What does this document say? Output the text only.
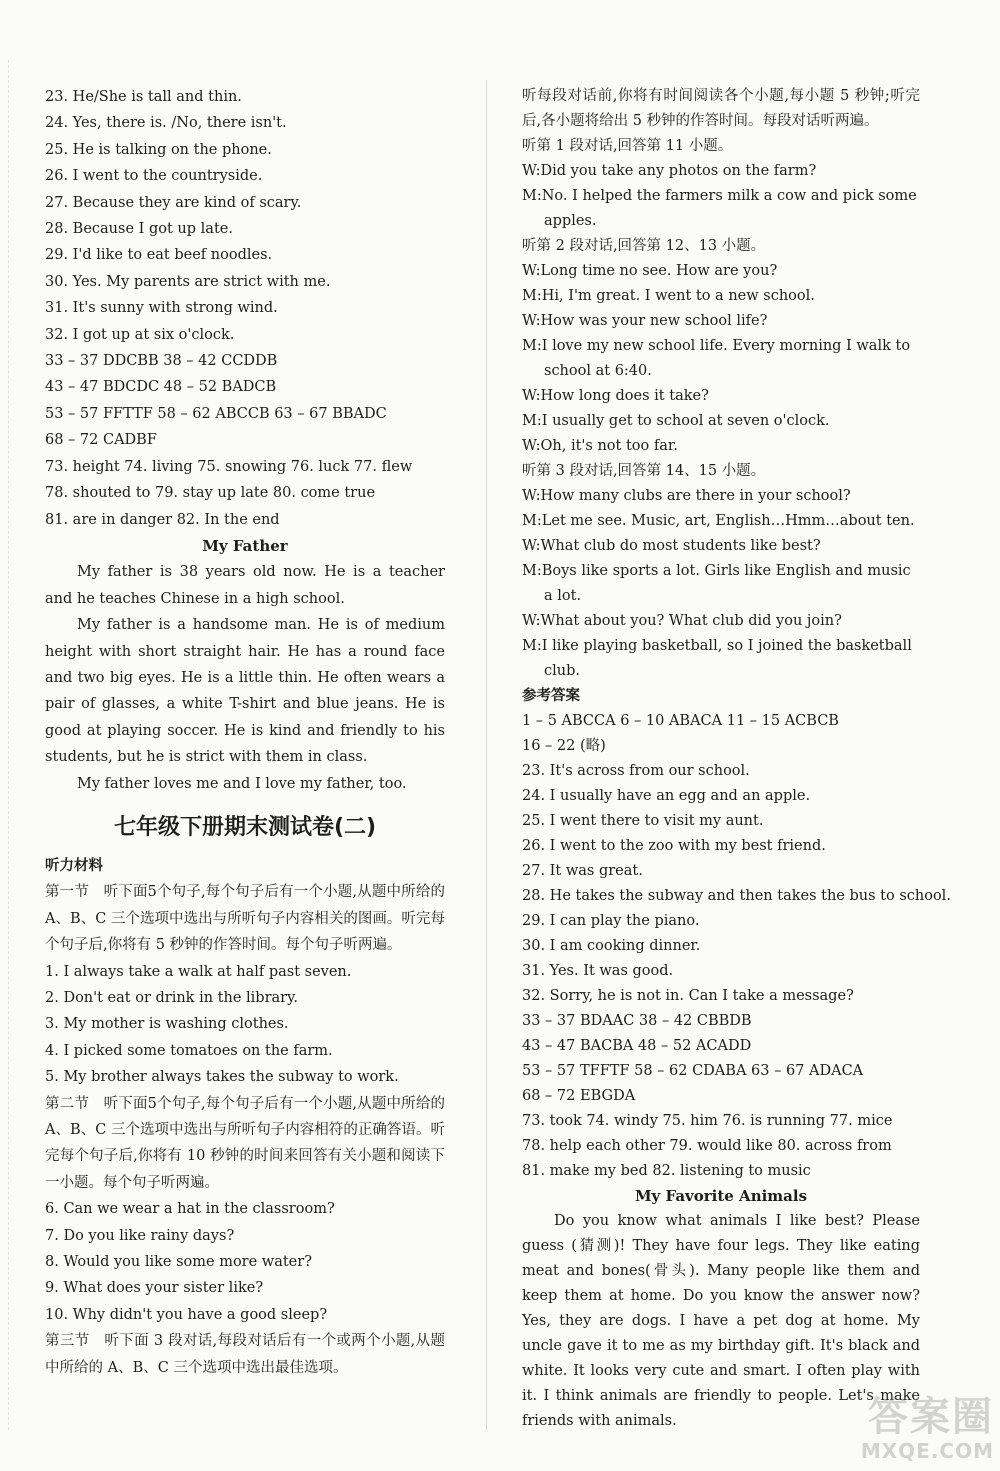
23. He/She is tall and thin.
24. Yes, there is. /No, there isn't.
25. He is talking on the phone.
26. I went to the countryside.
27. Because they are kind of scary.
28. Because I got up late.
29. I'd like to eat beef noodles.
30. Yes. My parents are strict with me.
31. It's sunny with strong wind.
32. I got up at six o'clock.
33 – 37 DDCBB 38 – 42 CCDDB
43 – 47 BDCDC 48 – 52 BADCB
53 – 57 FFTTF 58 – 62 ABCCB 63 – 67 BBADC
68 – 72 CADBF
73. height 74. living 75. snowing 76. luck 77. flew
78. shouted to 79. stay up late 80. come true
81. are in danger 82. In the end
My Father
My father is 38 years old now. He is a teacher and he teaches Chinese in a high school.
My father is a handsome man. He is of medium height with short straight hair. He has a round face and two big eyes. He is a little thin. He often wears a pair of glasses, a white T-shirt and blue jeans. He is good at playing soccer. He is kind and friendly to his students, but he is strict with them in class.
My father loves me and I love my father, too.
七年级下册期末测试卷(二)
听力材料
第一节　听下面5个句子,每个句子后有一个小题,从题中所给的 A、B、C 三个选项中选出与所听句子内容相关的图画。听完每个句子后,你将有 5 秒钟的作答时间。每个句子听两遍。
1. I always take a walk at half past seven.
2. Don't eat or drink in the library.
3. My mother is washing clothes.
4. I picked some tomatoes on the farm.
5. My brother always takes the subway to work.
第二节　听下面5个句子,每个句子后有一个小题,从题中所给的 A、B、C 三个选项中选出与所听句子内容相符的正确答语。听完每个句子后,你将有 10 秒钟的时间来回答有关小题和阅读下一小题。每个句子听两遍。
6. Can we wear a hat in the classroom?
7. Do you like rainy days?
8. Would you like some more water?
9. What does your sister like?
10. Why didn't you have a good sleep?
第三节　听下面 3 段对话,每段对话后有一个或两个小题,从题中所给的 A、B、C 三个选项中选出最佳选项。
听每段对话前,你将有时间阅读各个小题,每小题 5 秒钟;听完后,各小题将给出 5 秒钟的作答时间。每段对话听两遍。
听第 1 段对话,回答第 11 小题。
W:Did you take any photos on the farm?
M:No. I helped the farmers milk a cow and pick some apples.
听第 2 段对话,回答第 12、13 小题。
W:Long time no see. How are you?
M:Hi, I'm great. I went to a new school.
W:How was your new school life?
M:I love my new school life. Every morning I walk to school at 6:40.
W:How long does it take?
M:I usually get to school at seven o'clock.
W:Oh, it's not too far.
听第 3 段对话,回答第 14、15 小题。
W:How many clubs are there in your school?
M:Let me see. Music, art, English…Hmm…about ten.
W:What club do most students like best?
M:Boys like sports a lot. Girls like English and music a lot.
W:What about you? What club did you join?
M:I like playing basketball, so I joined the basketball club.
参考答案
1 – 5 ABCCA 6 – 10 ABACA 11 – 15 ACBCB
16 – 22 (略)
23. It's across from our school.
24. I usually have an egg and an apple.
25. I went there to visit my aunt.
26. I went to the zoo with my best friend.
27. It was great.
28. He takes the subway and then takes the bus to school.
29. I can play the piano.
30. I am cooking dinner.
31. Yes. It was good.
32. Sorry, he is not in. Can I take a message?
33 – 37 BDAAC 38 – 42 CBBDB
43 – 47 BACBA 48 – 52 ACADD
53 – 57 TFFTF 58 – 62 CDABA 63 – 67 ADACA
68 – 72 EBGDA
73. took 74. windy 75. him 76. is running 77. mice
78. help each other 79. would like 80. across from
81. make my bed 82. listening to music
My Favorite Animals
Do you know what animals I like best? Please guess (猜测)! They have four legs. They like eating meat and bones(骨头). Many people like them and keep them at home. Do you know the answer now? Yes, they are dogs. I have a pet dog at home. My uncle gave it to me as my birthday gift. It's black and white. It looks very cute and smart. I often play with it. I think animals are friendly to people. Let's make friends with animals.	答案圈
MXQE.COM
